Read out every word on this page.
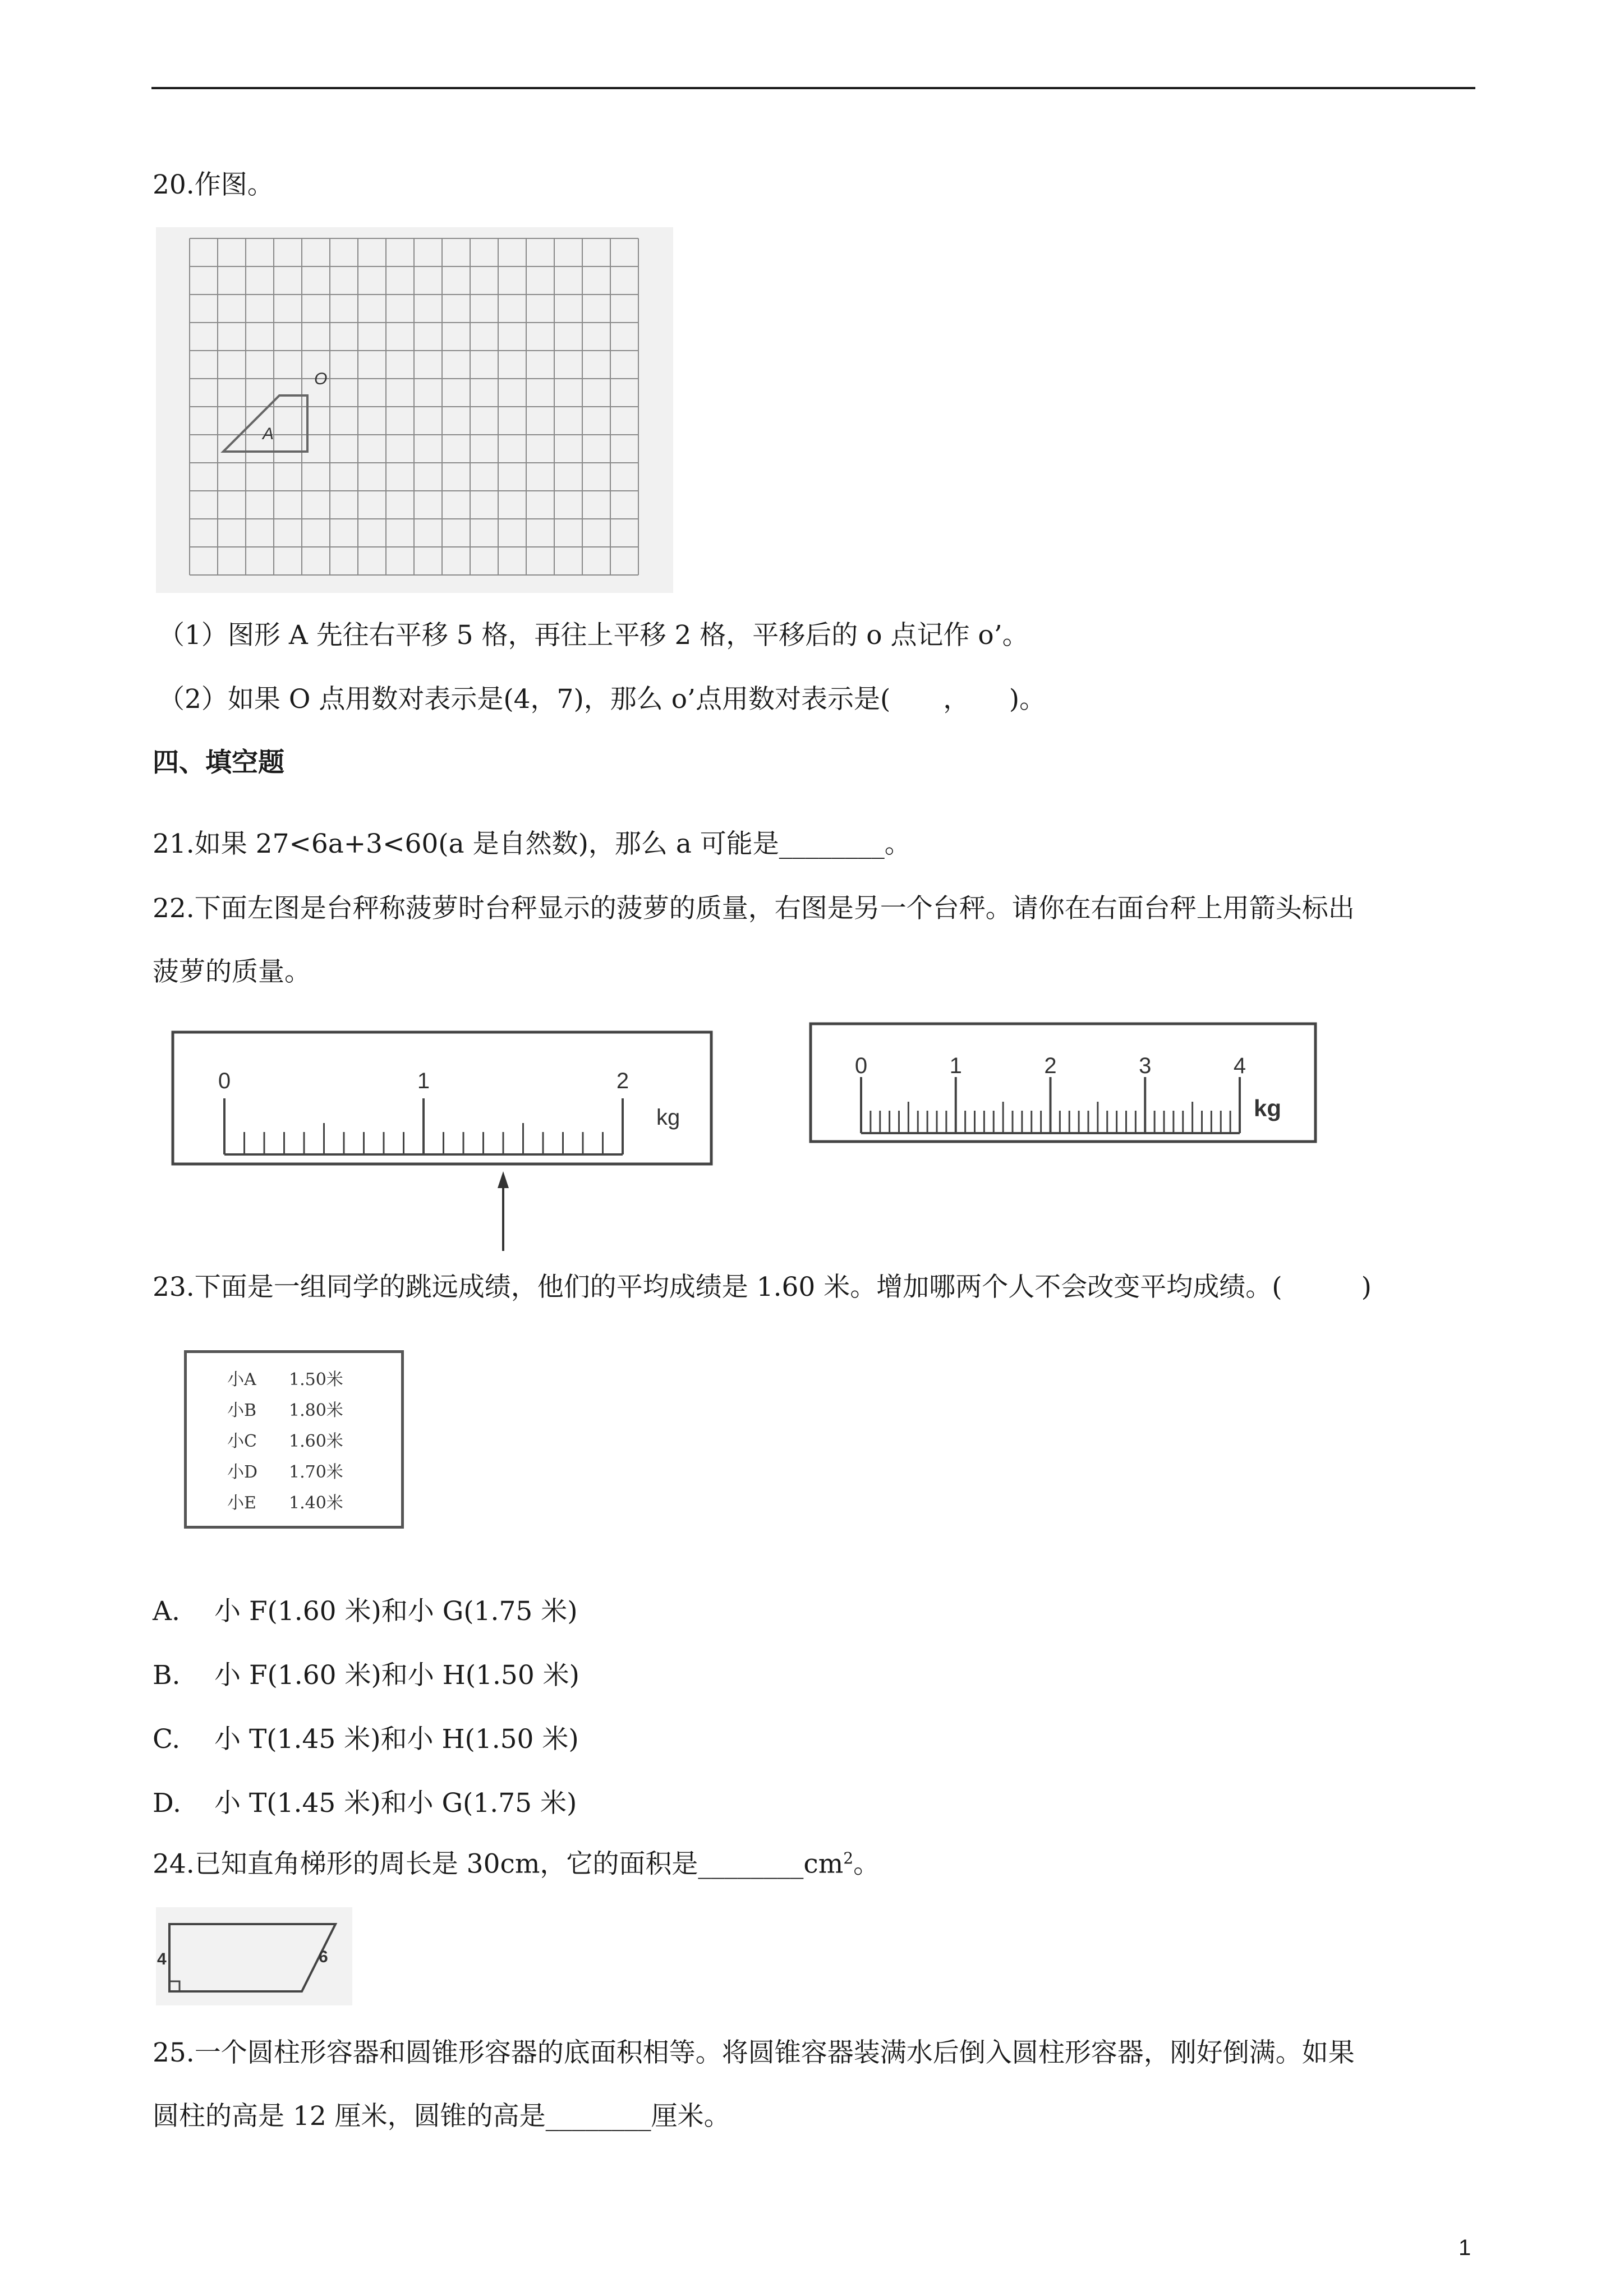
20.作图。
O
A
（1）图形 A 先往右平移 5 格，再往上平移 2 格，平移后的 o 点记作 o’。
（2）如果 O 点用数对表示是(4，7)，那么 o’点用数对表示是(　　，　　)。
四、填空题
21.如果 27<6a+3<60(a 是自然数)，那么 a 可能是________。
22.下面左图是台秤称菠萝时台秤显示的菠萝的质量，右图是另一个台秤。请你在右面台秤上用箭头标出
菠萝的质量。
0	1	2
kg
0	1	2	3	4
kg
23.下面是一组同学的跳远成绩，他们的平均成绩是 1.60 米。增加哪两个人不会改变平均成绩。(　　　)
小A 1.50米
小B 1.80米
小C 1.60米
小D 1.70米
小E 1.40米
A. 小 F(1.60 米)和小 G(1.75 米)
B. 小 F(1.60 米)和小 H(1.50 米)
C. 小 T(1.45 米)和小 H(1.50 米)
D. 小 T(1.45 米)和小 G(1.75 米)
24.已知直角梯形的周长是 30cm，它的面积是$\_\_\_\_\_\_\_\_cm^2$。
4	6
25.一个圆柱形容器和圆锥形容器的底面积相等。将圆锥容器装满水后倒入圆柱形容器，刚好倒满。如果
圆柱的高是 12 厘米，圆锥的高是________厘米。
1
